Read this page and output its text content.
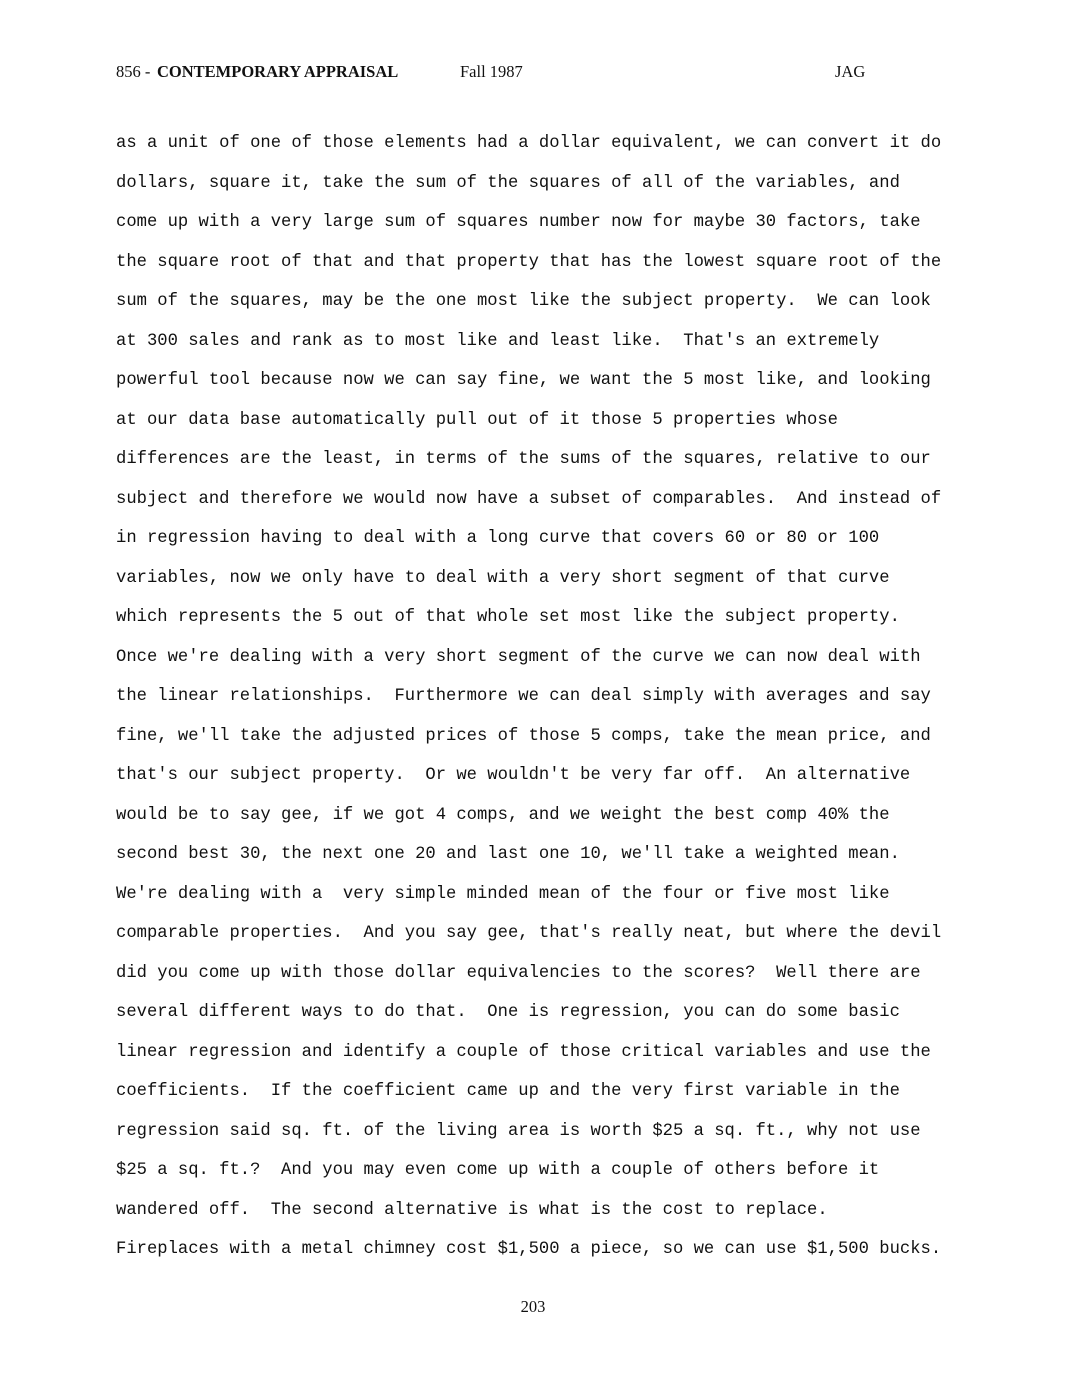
856 - CONTEMPORARY APPRAISAL	Fall 1987	JAG
as a unit of one of those elements had a dollar equivalent, we can convert it do
dollars, square it, take the sum of the squares of all of the variables, and
come up with a very large sum of squares number now for maybe 30 factors, take
the square root of that and that property that has the lowest square root of the
sum of the squares, may be the one most like the subject property.  We can look
at 300 sales and rank as to most like and least like.  That's an extremely
powerful tool because now we can say fine, we want the 5 most like, and looking
at our data base automatically pull out of it those 5 properties whose
differences are the least, in terms of the sums of the squares, relative to our
subject and therefore we would now have a subset of comparables.  And instead of
in regression having to deal with a long curve that covers 60 or 80 or 100
variables, now we only have to deal with a very short segment of that curve
which represents the 5 out of that whole set most like the subject property.
Once we're dealing with a very short segment of the curve we can now deal with
the linear relationships.  Furthermore we can deal simply with averages and say
fine, we'll take the adjusted prices of those 5 comps, take the mean price, and
that's our subject property.  Or we wouldn't be very far off.  An alternative
would be to say gee, if we got 4 comps, and we weight the best comp 40% the
second best 30, the next one 20 and last one 10, we'll take a weighted mean.
We're dealing with a  very simple minded mean of the four or five most like
comparable properties.  And you say gee, that's really neat, but where the devil
did you come up with those dollar equivalencies to the scores?  Well there are
several different ways to do that.  One is regression, you can do some basic
linear regression and identify a couple of those critical variables and use the
coefficients.  If the coefficient came up and the very first variable in the
regression said sq. ft. of the living area is worth $25 a sq. ft., why not use
$25 a sq. ft.?  And you may even come up with a couple of others before it
wandered off.  The second alternative is what is the cost to replace.
Fireplaces with a metal chimney cost $1,500 a piece, so we can use $1,500 bucks.
203
